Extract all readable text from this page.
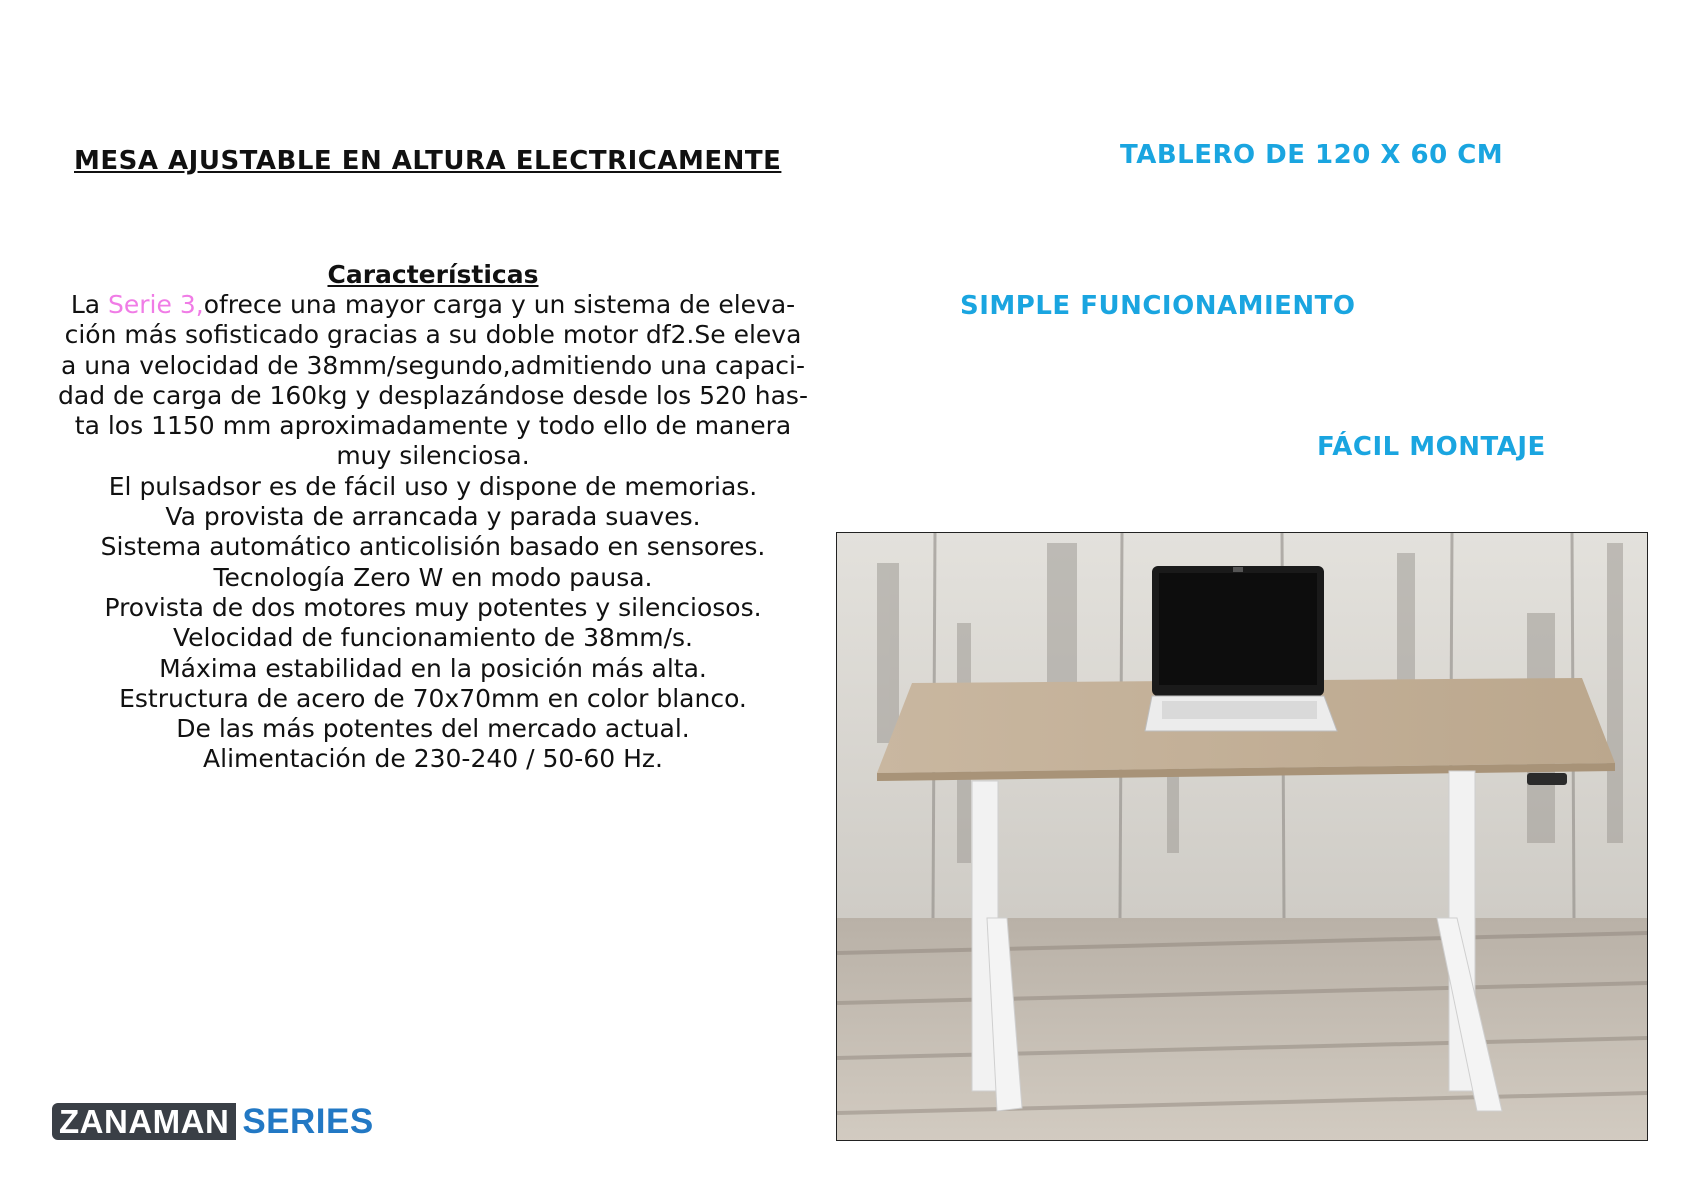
MESA AJUSTABLE EN ALTURA ELECTRICAMENTE
Características
La Serie 3,ofrece una mayor carga y un sistema de eleva-
ción más sofisticado gracias a su doble motor df2.Se eleva
a una velocidad de 38mm/segundo,admitiendo una capaci-
dad de carga de 160kg y desplazándose desde los 520 has-
ta los 1150 mm aproximadamente y todo ello de manera
muy silenciosa.
El pulsadsor es de fácil uso y dispone de memorias.
Va provista de arrancada y parada suaves.
Sistema automático anticolisión basado en sensores.
Tecnología Zero W en modo pausa.
Provista de dos motores muy potentes y silenciosos.
Velocidad de funcionamiento de 38mm/s.
Máxima estabilidad en la posición más alta.
Estructura de acero de 70x70mm en color blanco.
De las más potentes del mercado actual.
Alimentación de 230-240 / 50-60 Hz.
TABLERO DE 120 X 60 CM
SIMPLE FUNCIONAMIENTO
FÁCIL MONTAJE
ZANAMAN SERIES
